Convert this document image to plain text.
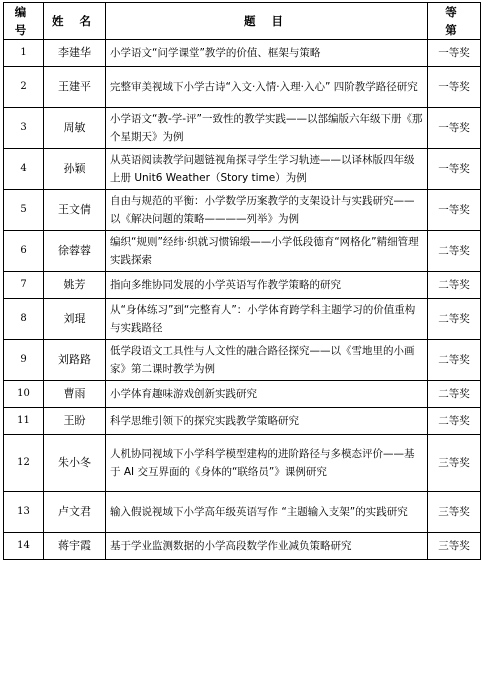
编号	姓 名	题 目	等 第
1	李建华	小学语文“问学课堂”教学的价值、框架与策略	一等奖
2	王建平	完整审美视域下小学古诗“入文·入情·入理·入心” 四阶教学路径研究	一等奖
3	周敏	小学语文“教-学-评”一致性的教学实践——以部编版六年级下册《那个星期天》为例	一等奖
4	孙颖	从英语阅读教学问题链视角探寻学生学习轨迹——以译林版四年级上册 Unit6 Weather（Story time）为例	一等奖
5	王文倩	自由与规范的平衡：小学数学历案教学的支架设计与实践研究——以《解决问题的策略————列举》为例	一等奖
6	徐蓉蓉	编织“规则”经纬·织就习惯锦缎——小学低段德育“网格化”精细管理实践探索	二等奖
7	姚芳	指向多维协同发展的小学英语写作教学策略的研究	二等奖
8	刘琨	从“身体练习”到“完整育人”：小学体育跨学科主题学习的价值重构与实践路径	二等奖
9	刘路路	低学段语文工具性与人文性的融合路径探究——以《雪地里的小画家》第二课时教学为例	二等奖
10	曹雨	小学体育趣味游戏创新实践研究	二等奖
11	王盼	科学思维引领下的探究实践教学策略研究	二等奖
12	朱小冬	人机协同视域下小学科学模型建构的进阶路径与多模态评价——基于 AI 交互界面的《身体的“联络员”》课例研究	三等奖
13	卢文君	输入假说视域下小学高年级英语写作 “主题输入支架”的实践研究	三等奖
14	蒋宇霞	基于学业监测数据的小学高段数学作业减负策略研究	三等奖
